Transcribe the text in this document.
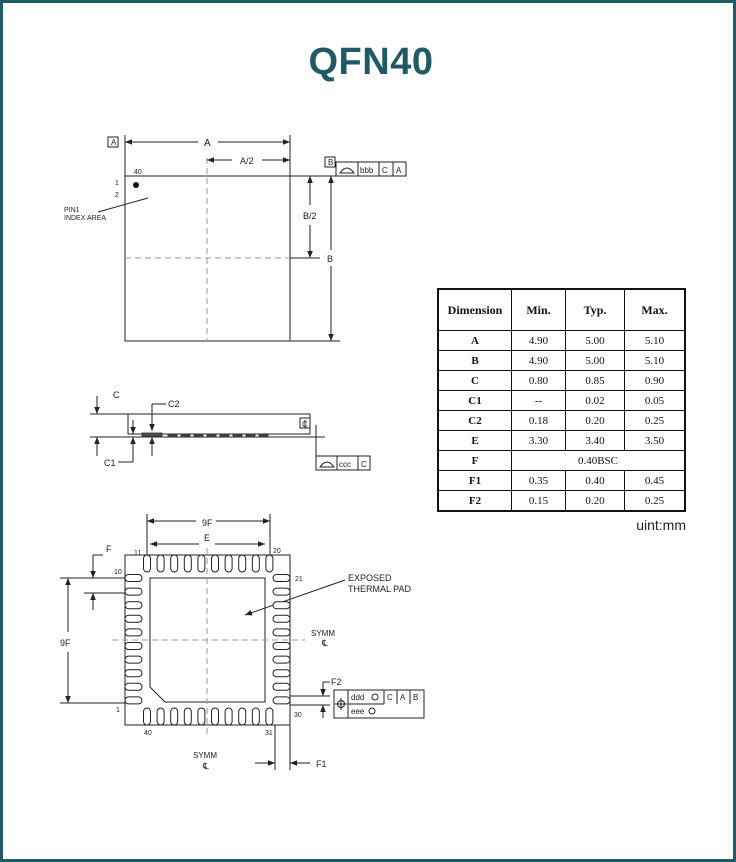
QFN40
A
B
A
A/2
B/2
B
40
1
2
PIN1
INDEX AREA
bbb C A
C
C1
C2
C
ccc C
9F
E
F
9F
F1
F2
11	20
10
21
1
30
40	31
EXPOSED
THERMAL PAD
SYMM
℄
SYMM
℄
ddd	C A B
eee
Dimension	Min.	Typ.	Max.
A	4.90	5.00	5.10
B	4.90	5.00	5.10
C	0.80	0.85	0.90
C1	--	0.02	0.05
C2	0.18	0.20	0.25
E	3.30	3.40	3.50
F	0.40BSC		
F1	0.35	0.40	0.45
F2	0.15	0.20	0.25
uint:mm
